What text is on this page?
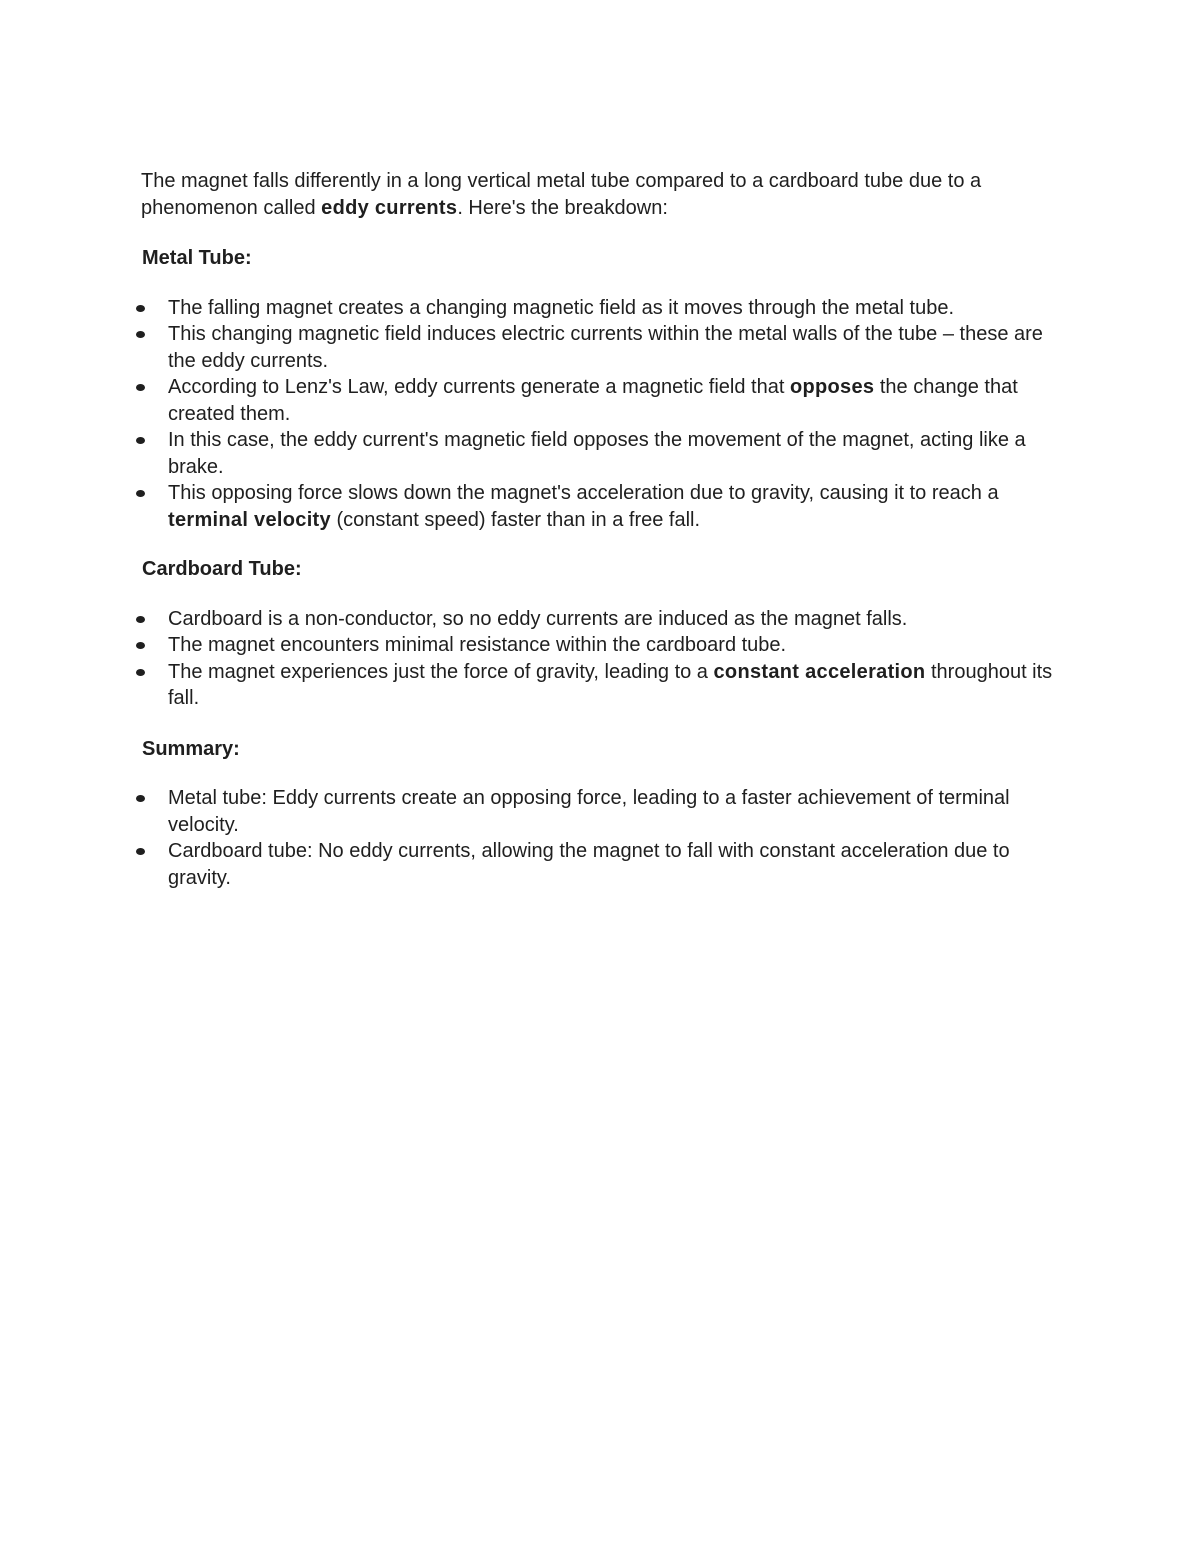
The magnet falls differently in a long vertical metal tube compared to a cardboard tube due to a phenomenon called eddy currents. Here's the breakdown:

Metal Tube:

The falling magnet creates a changing magnetic field as it moves through the metal tube.
This changing magnetic field induces electric currents within the metal walls of the tube – these are the eddy currents.
According to Lenz's Law, eddy currents generate a magnetic field that opposes the change that created them.
In this case, the eddy current's magnetic field opposes the movement of the magnet, acting like a brake.
This opposing force slows down the magnet's acceleration due to gravity, causing it to reach a terminal velocity (constant speed) faster than in a free fall.

Cardboard Tube:

Cardboard is a non-conductor, so no eddy currents are induced as the magnet falls.
The magnet encounters minimal resistance within the cardboard tube.
The magnet experiences just the force of gravity, leading to a constant acceleration throughout its fall.

Summary:

Metal tube: Eddy currents create an opposing force, leading to a faster achievement of terminal velocity.
Cardboard tube: No eddy currents, allowing the magnet to fall with constant acceleration due to gravity.
